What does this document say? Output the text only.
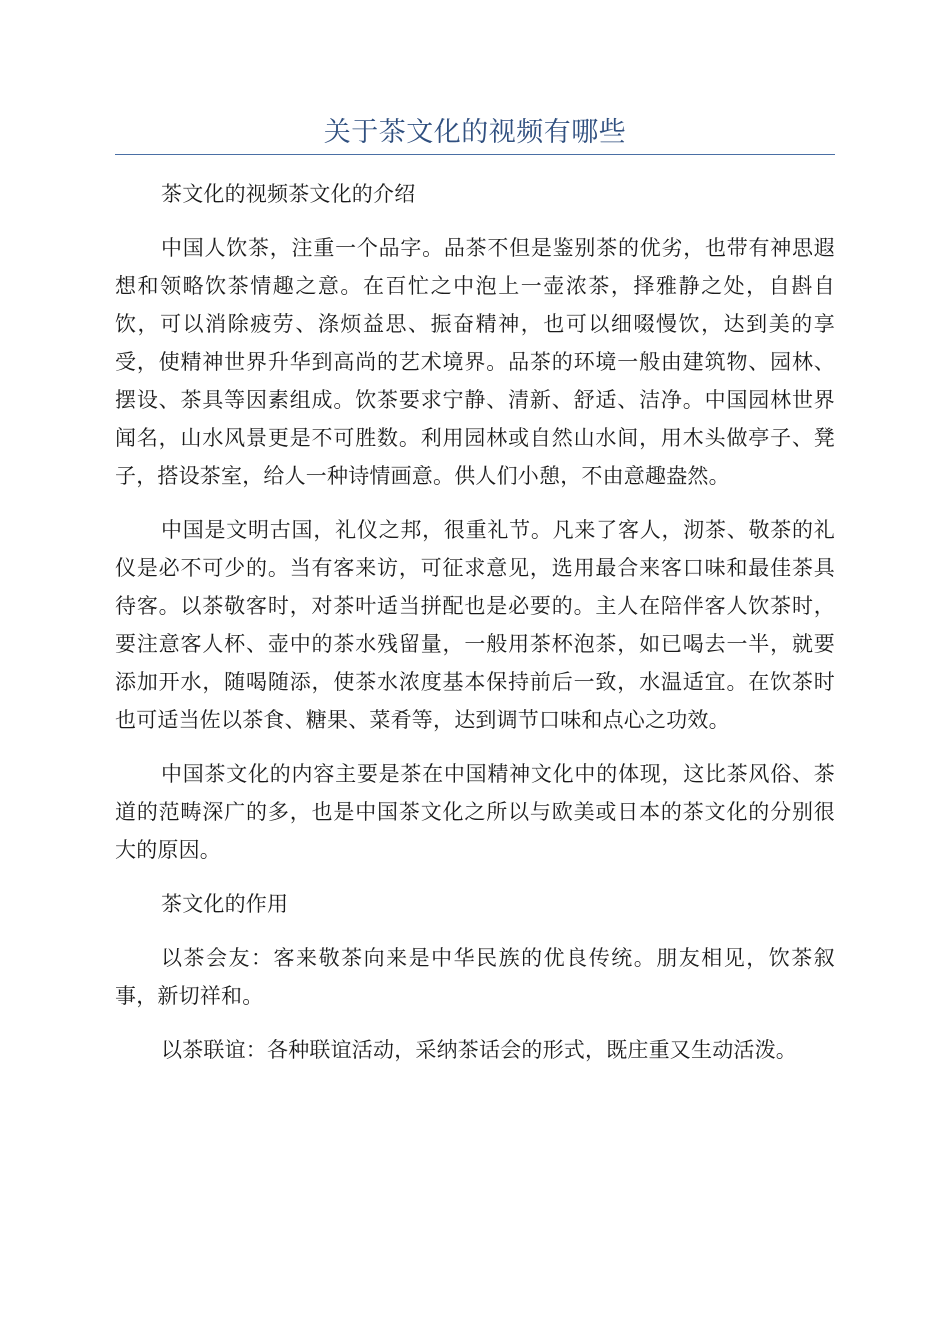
关于茶文化的视频有哪些

茶文化的视频茶文化的介绍

中国人饮茶，注重一个品字。品茶不但是鉴别茶的优劣，也带有神思遐想和领略饮茶情趣之意。在百忙之中泡上一壶浓茶，择雅静之处，自斟自饮，可以消除疲劳、涤烦益思、振奋精神，也可以细啜慢饮，达到美的享受，使精神世界升华到高尚的艺术境界。品茶的环境一般由建筑物、园林、摆设、茶具等因素组成。饮茶要求宁静、清新、舒适、洁净。中国园林世界闻名，山水风景更是不可胜数。利用园林或自然山水间，用木头做亭子、凳子，搭设茶室，给人一种诗情画意。供人们小憩，不由意趣盎然。

中国是文明古国，礼仪之邦，很重礼节。凡来了客人，沏茶、敬茶的礼仪是必不可少的。当有客来访，可征求意见，选用最合来客口味和最佳茶具待客。以茶敬客时，对茶叶适当拼配也是必要的。主人在陪伴客人饮茶时，要注意客人杯、壶中的茶水残留量，一般用茶杯泡茶，如已喝去一半，就要添加开水，随喝随添，使茶水浓度基本保持前后一致，水温适宜。在饮茶时也可适当佐以茶食、糖果、菜肴等，达到调节口味和点心之功效。

中国茶文化的内容主要是茶在中国精神文化中的体现，这比茶风俗、茶道的范畴深广的多，也是中国茶文化之所以与欧美或日本的茶文化的分别很大的原因。

茶文化的作用

以茶会友：客来敬茶向来是中华民族的优良传统。朋友相见，饮茶叙事，新切祥和。

以茶联谊：各种联谊活动，采纳茶话会的形式，既庄重又生动活泼。
